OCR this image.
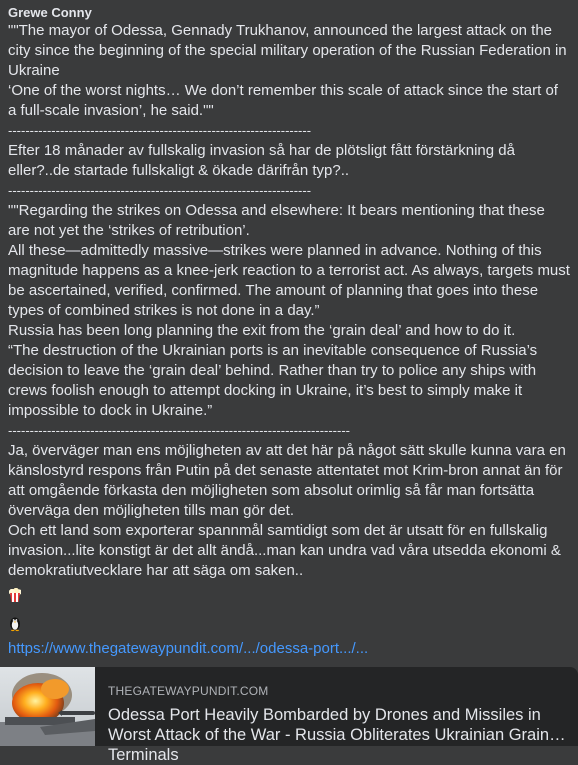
Grewe Conny

""The mayor of Odessa, Gennady Trukhanov, announced the largest attack on the city since the beginning of the special military operation of the Russian Federation in Ukraine

‘One of the worst nights… We don’t remember this scale of attack since the start of a full-scale invasion’, he said.""

----------------------------------------------------------------------

Efter 18 månader av fullskalig invasion så har de plötsligt fått förstärkning då eller?..de startade fullskaligt & ökade därifrån typ?..

----------------------------------------------------------------------

""Regarding the strikes on Odessa and elsewhere: It bears mentioning that these are not yet the ‘strikes of retribution’.

All these—admittedly massive—strikes were planned in advance. Nothing of this magnitude happens as a knee-jerk reaction to a terrorist act. As always, targets must be ascertained, verified, confirmed. The amount of planning that goes into these types of combined strikes is not done in a day.”

Russia has been long planning the exit from the ‘grain deal’ and how to do it.

“The destruction of the Ukrainian ports is an inevitable consequence of Russia’s decision to leave the ‘grain deal’ behind. Rather than try to police any ships with crews foolish enough to attempt docking in Ukraine, it’s best to simply make it impossible to dock in Ukraine.”

-------------------------------------------------------------------------------

Ja, överväger man ens möjligheten av att det här på något sätt skulle kunna vara en känslostyrd respons från Putin på det senaste attentatet mot Krim-bron annat än för att omgående förkasta den möjligheten som absolut orimlig så får man fortsätta överväga den möjligheten tills man gör det.

Och ett land som exporterar spannmål samtidigt som det är utsatt för en fullskalig invasion...lite konstigt är det allt ändå...man kan undra vad våra utsedda ekonomi & demokratiutvecklare har att säga om saken..

https://www.thegatewaypundit.com/.../odessa-port.../...
THEGATEWAYPUNDIT.COM
Odessa Port Heavily Bombarded by Drones and Missiles in Worst Attack of the War - Russia Obliterates Ukrainian Grain Terminals
